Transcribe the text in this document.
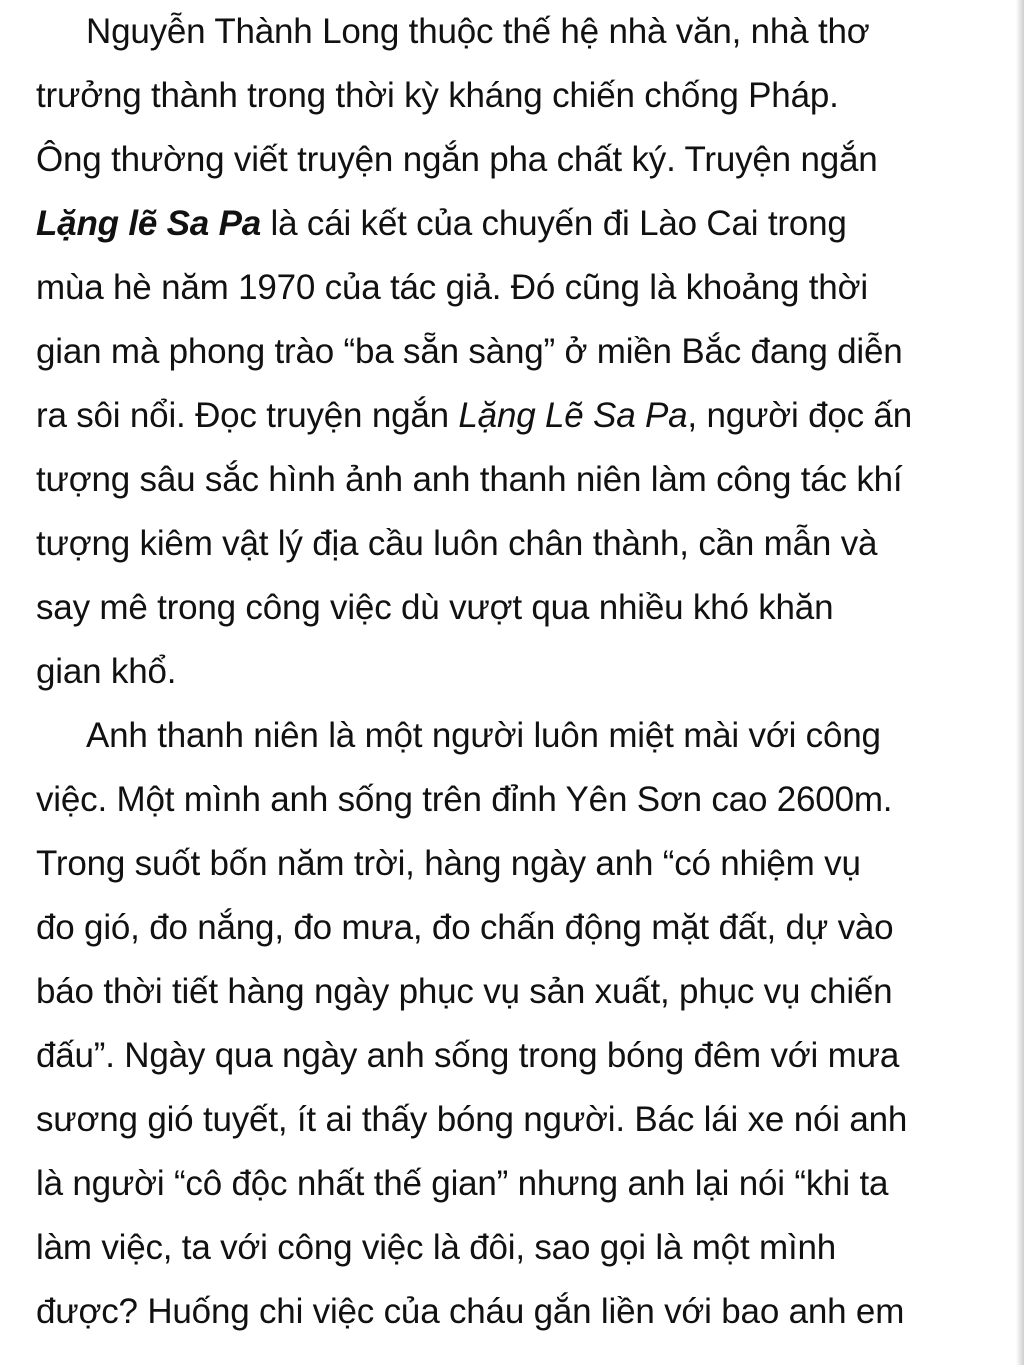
Nguyễn Thành Long thuộc thế hệ nhà văn, nhà thơ
trưởng thành trong thời kỳ kháng chiến chống Pháp.
Ông thường viết truyện ngắn pha chất ký. Truyện ngắn
Lặng lẽ Sa Pa là cái kết của chuyến đi Lào Cai trong
mùa hè năm 1970 của tác giả. Đó cũng là khoảng thời
gian mà phong trào “ba sẵn sàng” ở miền Bắc đang diễn
ra sôi nổi. Đọc truyện ngắn Lặng Lẽ Sa Pa, người đọc ấn
tượng sâu sắc hình ảnh anh thanh niên làm công tác khí
tượng kiêm vật lý địa cầu luôn chân thành, cần mẫn và
say mê trong công việc dù vượt qua nhiều khó khăn
gian khổ.
Anh thanh niên là một người luôn miệt mài với công
việc. Một mình anh sống trên đỉnh Yên Sơn cao 2600m.
Trong suốt bốn năm trời, hàng ngày anh “có nhiệm vụ
đo gió, đo nắng, đo mưa, đo chấn động mặt đất, dự vào
báo thời tiết hàng ngày phục vụ sản xuất, phục vụ chiến
đấu”. Ngày qua ngày anh sống trong bóng đêm với mưa
sương gió tuyết, ít ai thấy bóng người. Bác lái xe nói anh
là người “cô độc nhất thế gian” nhưng anh lại nói “khi ta
làm việc, ta với công việc là đôi, sao gọi là một mình
được? Huống chi việc của cháu gắn liền với bao anh em
